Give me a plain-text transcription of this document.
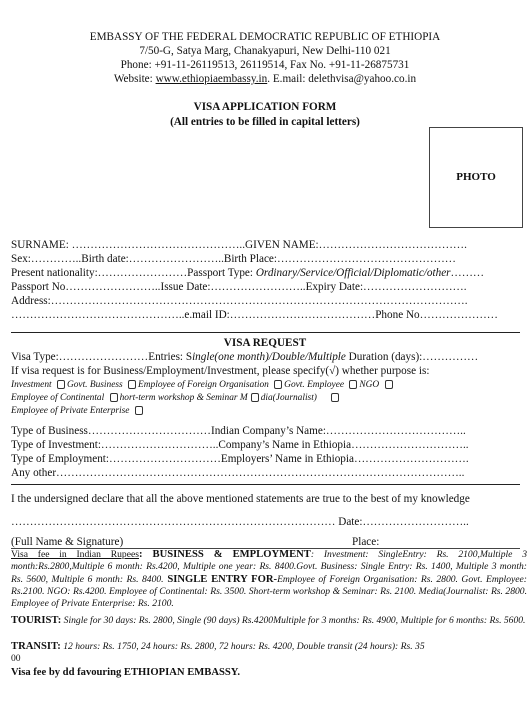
EMBASSY OF THE FEDERAL DEMOCRATIC REPUBLIC OF ETHIOPIA
7/50-G, Satya Marg, Chanakyapuri, New Delhi-110 021
Phone: +91-11-26119513, 26119514, Fax No. +91-11-26875731
Website: www.ethiopiaembassy.in. E.mail: delethvisa@yahoo.co.in
VISA APPLICATION FORM
(All entries to be filled in capital letters)
PHOTO
SURNAME: ………………………………………..GIVEN NAME:………………………………….
Sex:…………..Birth date:……………………..Birth Place:…………………………………………
Present nationality:……………………Passport Type: Ordinary/Service/Official/Diplomatic/other………
Passport No……………………..Issue Date:……………………..Expiry Date:……………………….
Address:………………………………………………………………………………………………….
………………………………………..e.mail ID:…………………………………Phone No…………………
VISA REQUEST
Visa Type:……………………Entries: Single(one month)/Double/Multiple Duration (days):……………
If visa request is for Business/Employment/Investment, please specify(√) whether purpose is:
Investment Govt. Business Employee of Foreign Organisation Govt. Employee NGO
Employee of Continental hort-term workshop & Seminar M dia(Journalist)
Employee of Private Enterprise
Type of Business……………………………Indian Company’s Name:………………………………..
Type of Investment:…………………………..Company’s Name in Ethiopia…………………………..
Type of Employment:…………………………Employers’ Name in Ethiopia………………………….
Any other………………………………………………………………………………………………..
I the undersigned declare that all the above mentioned statements are true to the best of my knowledge
…………………………………………………………………………… Date:………………………..
(Full Name & Signature)	Place:
Visa fee in Indian Rupees: BUSINESS & EMPLOYMENT: Investment: SingleEntry: Rs. 2100,Multiple 3 month:Rs.2800,Multiple 6 month: Rs.4200, Multiple one year: Rs. 8400.Govt. Business: Single Entry: Rs. 1400, Multiple 3 month: Rs. 5600, Multiple 6 month: Rs. 8400. SINGLE ENTRY FOR-Employee of Foreign Organisation: Rs. 2800. Govt. Employee: Rs.2100. NGO: Rs.4200. Employee of Continental: Rs. 3500. Short-term workshop & Seminar: Rs. 2100. Media(Journalist: Rs. 2800. Employee of Private Enterprise: Rs. 2100.
TOURIST: Single for 30 days: Rs. 2800, Single (90 days) Rs.4200Multiple for 3 months: Rs. 4900, Multiple for 6 months: Rs. 5600.
TRANSIT: 12 hours: Rs. 1750, 24 hours: Rs. 2800, 72 hours: Rs. 4200, Double transit (24 hours): Rs. 35
00
Visa fee by dd favouring ETHIOPIAN EMBASSY.
